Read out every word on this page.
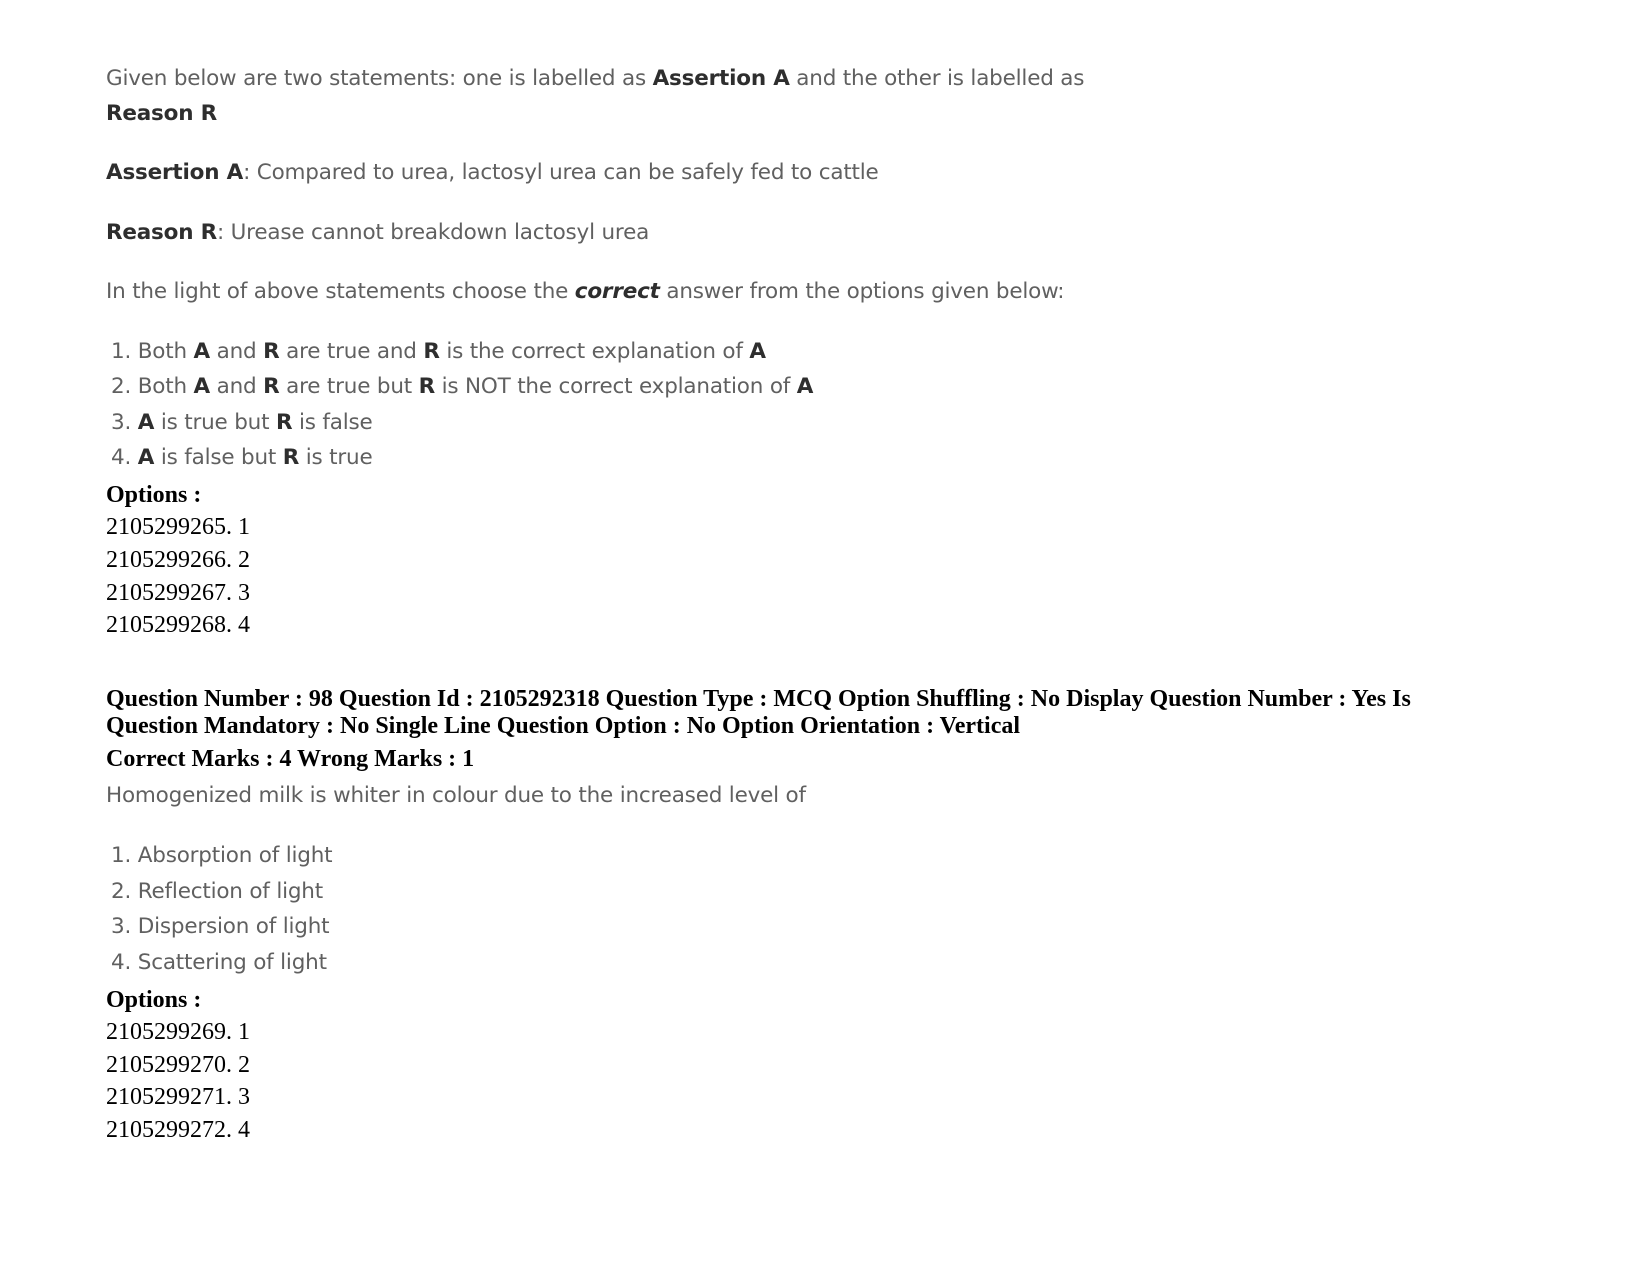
Given below are two statements: one is labelled as Assertion A and the other is labelled as
Reason R
Assertion A: Compared to urea, lactosyl urea can be safely fed to cattle
Reason R: Urease cannot breakdown lactosyl urea
In the light of above statements choose the correct answer from the options given below:
1. Both A and R are true and R is the correct explanation of A
2. Both A and R are true but R is NOT the correct explanation of A
3. A is true but R is false
4. A is false but R is true
Options :
2105299265. 1
2105299266. 2
2105299267. 3
2105299268. 4
Question Number : 98 Question Id : 2105292318 Question Type : MCQ Option Shuffling : No Display Question Number : Yes Is
Question Mandatory : No Single Line Question Option : No Option Orientation : Vertical
Correct Marks : 4 Wrong Marks : 1
Homogenized milk is whiter in colour due to the increased level of
1. Absorption of light
2. Reflection of light
3. Dispersion of light
4. Scattering of light
Options :
2105299269. 1
2105299270. 2
2105299271. 3
2105299272. 4
